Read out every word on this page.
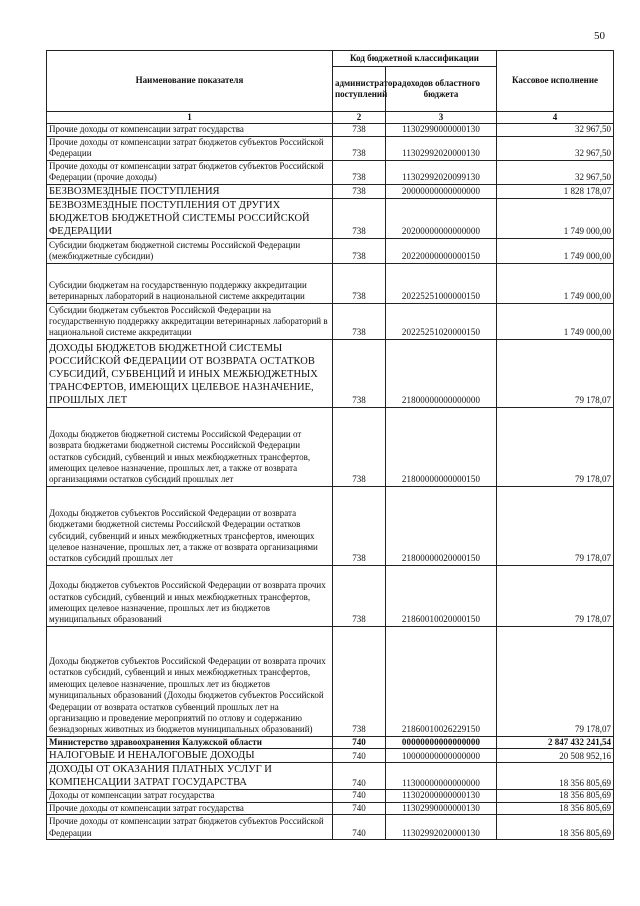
50
Наименование показателя	Код бюджетной классификации		Кассовое исполнение
	администратора поступлений	доходов областного бюджета	
1	2	3	4
Прочие доходы от компенсации затрат государства	738	11302990000000130	32 967,50
Прочие доходы от компенсации затрат бюджетов субъектов Российской Федерации	738	11302992020000130	32 967,50
Прочие доходы от компенсации затрат бюджетов субъектов Российской Федерации (прочие доходы)	738	11302992020099130	32 967,50
БЕЗВОЗМЕЗДНЫЕ ПОСТУПЛЕНИЯ	738	20000000000000000	1 828 178,07
БЕЗВОЗМЕЗДНЫЕ ПОСТУПЛЕНИЯ ОТ ДРУГИХ БЮДЖЕТОВ БЮДЖЕТНОЙ СИСТЕМЫ РОССИЙСКОЙ ФЕДЕРАЦИИ	738	20200000000000000	1 749 000,00
Субсидии бюджетам бюджетной системы Российской Федерации (межбюджетные субсидии)	738	20220000000000150	1 749 000,00
Субсидии бюджетам на государственную поддержку аккредитации ветеринарных лабораторий в национальной системе аккредитации	738	20225251000000150	1 749 000,00
Субсидии бюджетам субъектов Российской Федерации на государственную поддержку аккредитации ветеринарных лабораторий в национальной системе аккредитации	738	20225251020000150	1 749 000,00
ДОХОДЫ БЮДЖЕТОВ БЮДЖЕТНОЙ СИСТЕМЫ РОССИЙСКОЙ ФЕДЕРАЦИИ ОТ ВОЗВРАТА ОСТАТКОВ СУБСИДИЙ, СУБВЕНЦИЙ И ИНЫХ МЕЖБЮДЖЕТНЫХ ТРАНСФЕРТОВ, ИМЕЮЩИХ ЦЕЛЕВОЕ НАЗНАЧЕНИЕ, ПРОШЛЫХ ЛЕТ	738	21800000000000000	79 178,07
Доходы бюджетов бюджетной системы Российской Федерации от возврата бюджетами бюджетной системы Российской Федерации остатков субсидий, субвенций и иных межбюджетных трансфертов, имеющих целевое назначение, прошлых лет, а также от возврата организациями остатков субсидий прошлых лет	738	21800000000000150	79 178,07
Доходы бюджетов субъектов Российской Федерации от возврата бюджетами бюджетной системы Российской Федерации остатков субсидий, субвенций и иных межбюджетных трансфертов, имеющих целевое назначение, прошлых лет, а также от возврата организациями остатков субсидий прошлых лет	738	21800000020000150	79 178,07
Доходы бюджетов субъектов Российской Федерации от возврата прочих остатков субсидий, субвенций и иных межбюджетных трансфертов, имеющих целевое назначение, прошлых лет из бюджетов муниципальных образований	738	21860010020000150	79 178,07
Доходы бюджетов субъектов Российской Федерации от возврата прочих остатков субсидий, субвенций и иных межбюджетных трансфертов, имеющих целевое назначение, прошлых лет из бюджетов муниципальных образований (Доходы бюджетов субъектов Российской Федерации от возврата остатков субвенций прошлых лет на организацию и проведение мероприятий по отлову и содержанию безнадзорных животных из бюджетов муниципальных образований)	738	21860010026229150	79 178,07
Министерство здравоохранения Калужской области	740	00000000000000000	2 847 432 241,54
НАЛОГОВЫЕ И НЕНАЛОГОВЫЕ ДОХОДЫ	740	10000000000000000	20 508 952,16
ДОХОДЫ ОТ ОКАЗАНИЯ ПЛАТНЫХ УСЛУГ И КОМПЕНСАЦИИ ЗАТРАТ ГОСУДАРСТВА	740	11300000000000000	18 356 805,69
Доходы от компенсации затрат государства	740	11302000000000130	18 356 805,69
Прочие доходы от компенсации затрат государства	740	11302990000000130	18 356 805,69
Прочие доходы от компенсации затрат бюджетов субъектов Российской Федерации	740	11302992020000130	18 356 805,69
